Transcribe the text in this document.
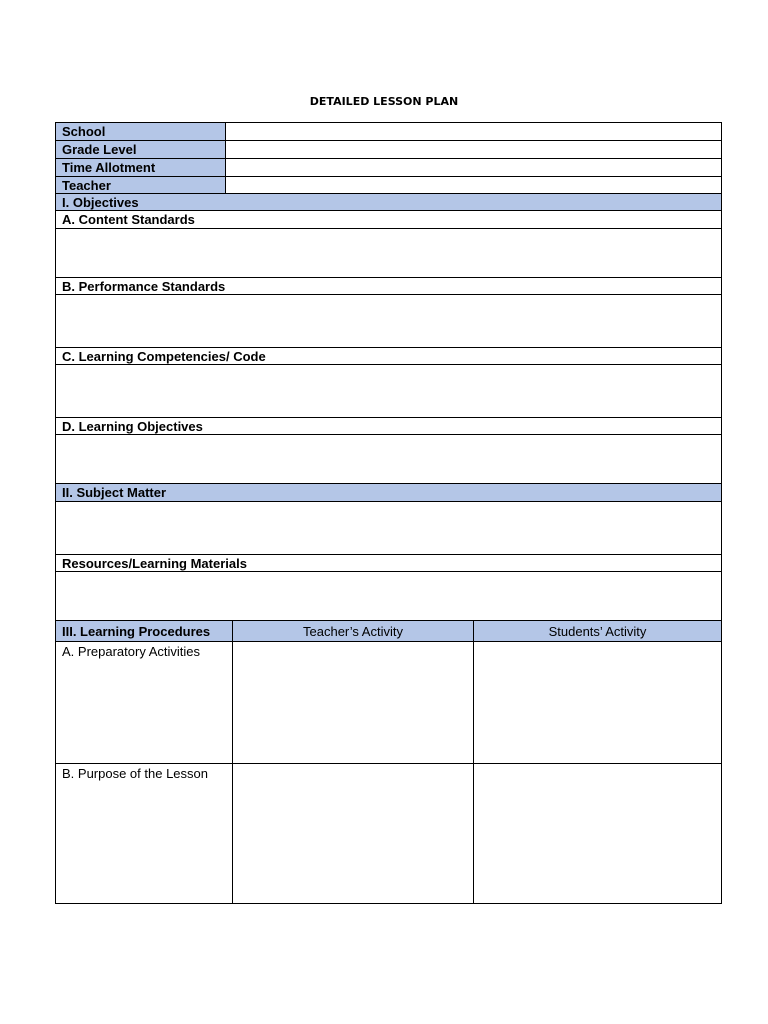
DETAILED LESSON PLAN
School
Grade Level
Time Allotment
Teacher
I. Objectives
A. Content Standards
B. Performance Standards
C. Learning Competencies/ Code
D. Learning Objectives
II. Subject Matter
Resources/Learning Materials
III. Learning Procedures	Teacher’s Activity	Students’ Activity
A. Preparatory Activities
B. Purpose of the Lesson
